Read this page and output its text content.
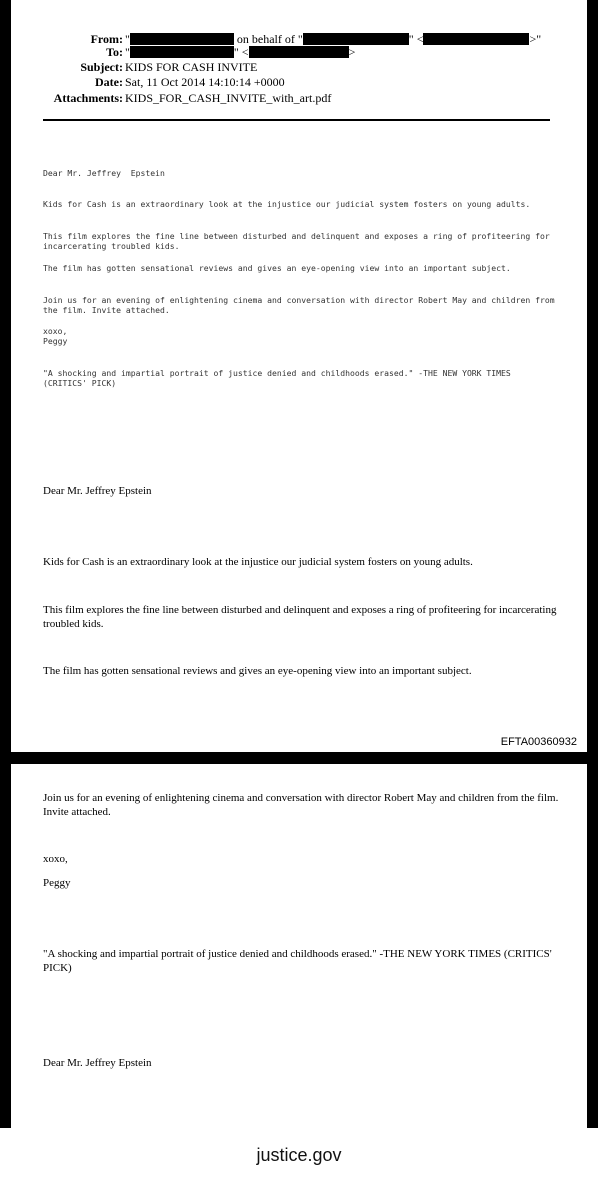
From: "	on behalf of "	" <	>"
To: "	" <	>
Subject: KIDS FOR CASH INVITE
Date: Sat, 11 Oct 2014 14:10:14 +0000
Attachments: KIDS_FOR_CASH_INVITE_with_art.pdf
Dear Mr. Jeffrey  Epstein
Kids for Cash is an extraordinary look at the injustice our judicial system fosters on young adults.
This film explores the fine line between disturbed and delinquent and exposes a ring of profiteering for incarcerating troubled kids.
The film has gotten sensational reviews and gives an eye-opening view into an important subject.
Join us for an evening of enlightening cinema and conversation with director Robert May and children from the film. Invite attached.
xoxo,
Peggy
"A shocking and impartial portrait of justice denied and childhoods erased." -THE NEW YORK TIMES (CRITICS' PICK)
Dear Mr. Jeffrey Epstein
Kids for Cash is an extraordinary look at the injustice our judicial system fosters on young adults.
This film explores the fine line between disturbed and delinquent and exposes a ring of profiteering for incarcerating troubled kids.
The film has gotten sensational reviews and gives an eye-opening view into an important subject.
EFTA00360932
Join us for an evening of enlightening cinema and conversation with director Robert May and children from the film. Invite attached.
xoxo,
Peggy
"A shocking and impartial portrait of justice denied and childhoods erased." -THE NEW YORK TIMES (CRITICS' PICK)
Dear Mr. Jeffrey Epstein
justice.gov
